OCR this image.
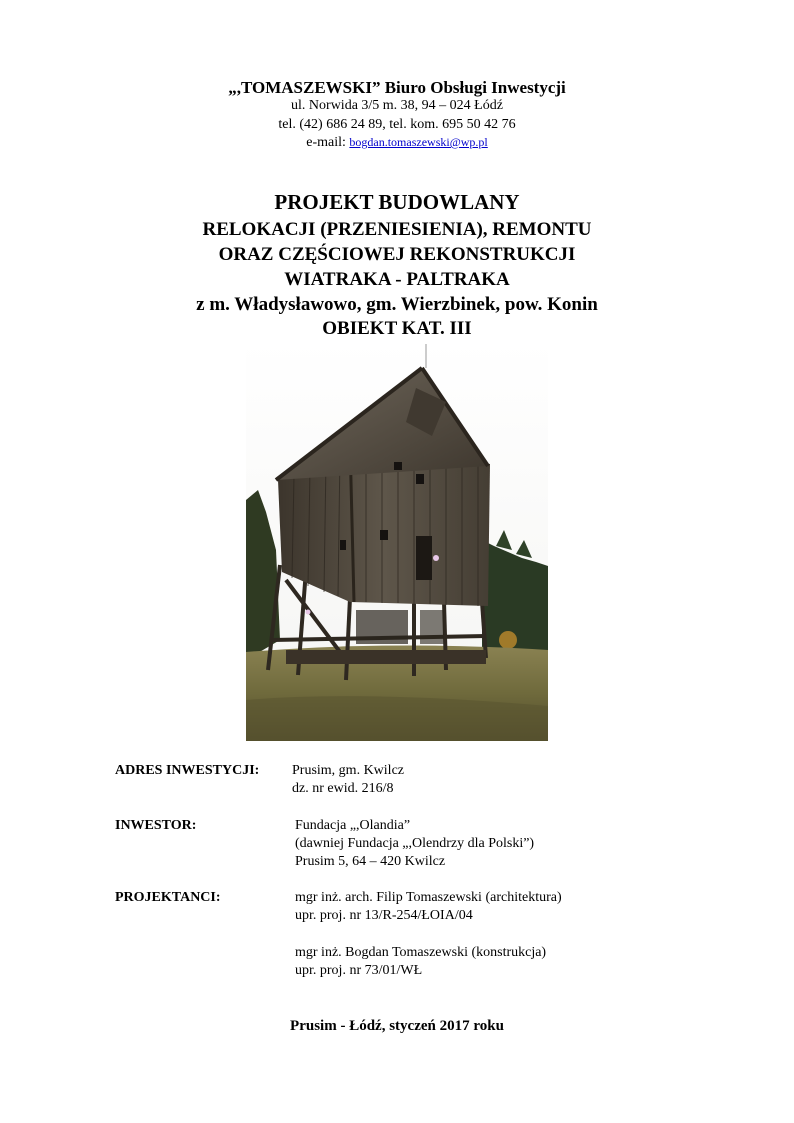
„,TOMASZEWSKI” Biuro Obsługi Inwestycji
ul. Norwida 3/5 m. 38, 94 – 024 Łódź
tel. (42) 686 24 89, tel. kom. 695 50 42 76
e-mail: bogdan.tomaszewski@wp.pl
PROJEKT BUDOWLANY
RELOKACJI (PRZENIESIENIA), REMONTU
ORAZ CZĘŚCIOWEJ REKONSTRUKCJI
WIATRAKA - PALTRAKA
z m. Władysławowo, gm. Wierzbinek, pow. Konin
OBIEKT KAT. III
ADRES INWESTYCJI: Prusim, gm. Kwilcz
dz. nr ewid. 216/8
INWESTOR:	Fundacja „,Olandia”
(dawniej Fundacja „,Olendrzy dla Polski”)
Prusim 5, 64 – 420 Kwilcz
PROJEKTANCI:	mgr inż. arch. Filip Tomaszewski (architektura)
upr. proj. nr 13/R-254/ŁOIA/04
mgr inż. Bogdan Tomaszewski (konstrukcja)
upr. proj. nr 73/01/WŁ
Prusim - Łódź, styczeń 2017 roku
